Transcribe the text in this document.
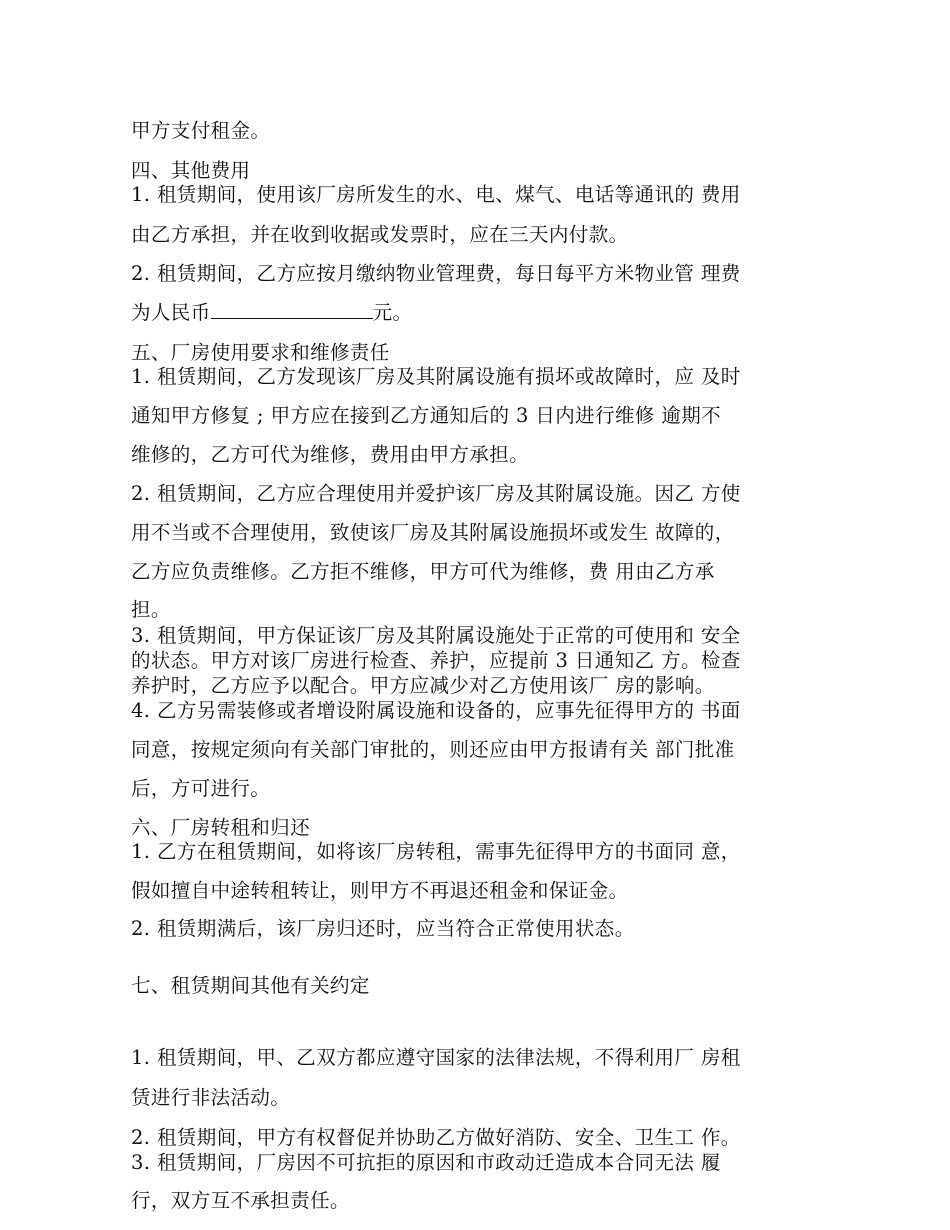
甲方支付租金。
四、其他费用
1. 租赁期间，使用该厂房所发生的水、电、煤气、电话等通讯的 费用
由乙方承担，并在收到收据或发票时，应在三天内付款。
2. 租赁期间，乙方应按月缴纳物业管理费，每日每平方米物业管 理费
为人民币	元。
五、厂房使用要求和维修责任
1. 租赁期间，乙方发现该厂房及其附属设施有损坏或故障时，应 及时
通知甲方修复 ; 甲方应在接到乙方通知后的 3 日内进行维修 逾期不
维修的，乙方可代为维修，费用由甲方承担。
2. 租赁期间，乙方应合理使用并爱护该厂房及其附属设施。因乙 方使
用不当或不合理使用，致使该厂房及其附属设施损坏或发生 故障的，
乙方应负责维修。乙方拒不维修，甲方可代为维修，费 用由乙方承
担。
3. 租赁期间，甲方保证该厂房及其附属设施处于正常的可使用和 安全
的状态。甲方对该厂房进行检查、养护，应提前 3 日通知乙 方。检查
养护时，乙方应予以配合。甲方应减少对乙方使用该厂 房的影响。
4. 乙方另需装修或者增设附属设施和设备的，应事先征得甲方的 书面
同意，按规定须向有关部门审批的，则还应由甲方报请有关 部门批准
后，方可进行。
六、厂房转租和归还
1. 乙方在租赁期间，如将该厂房转租，需事先征得甲方的书面同 意，
假如擅自中途转租转让，则甲方不再退还租金和保证金。
2. 租赁期满后，该厂房归还时，应当符合正常使用状态。
七、租赁期间其他有关约定
1. 租赁期间，甲、乙双方都应遵守国家的法律法规，不得利用厂 房租
赁进行非法活动。
2. 租赁期间，甲方有权督促并协助乙方做好消防、安全、卫生工 作。
3. 租赁期间，厂房因不可抗拒的原因和市政动迁造成本合同无法 履
行，双方互不承担责任。
